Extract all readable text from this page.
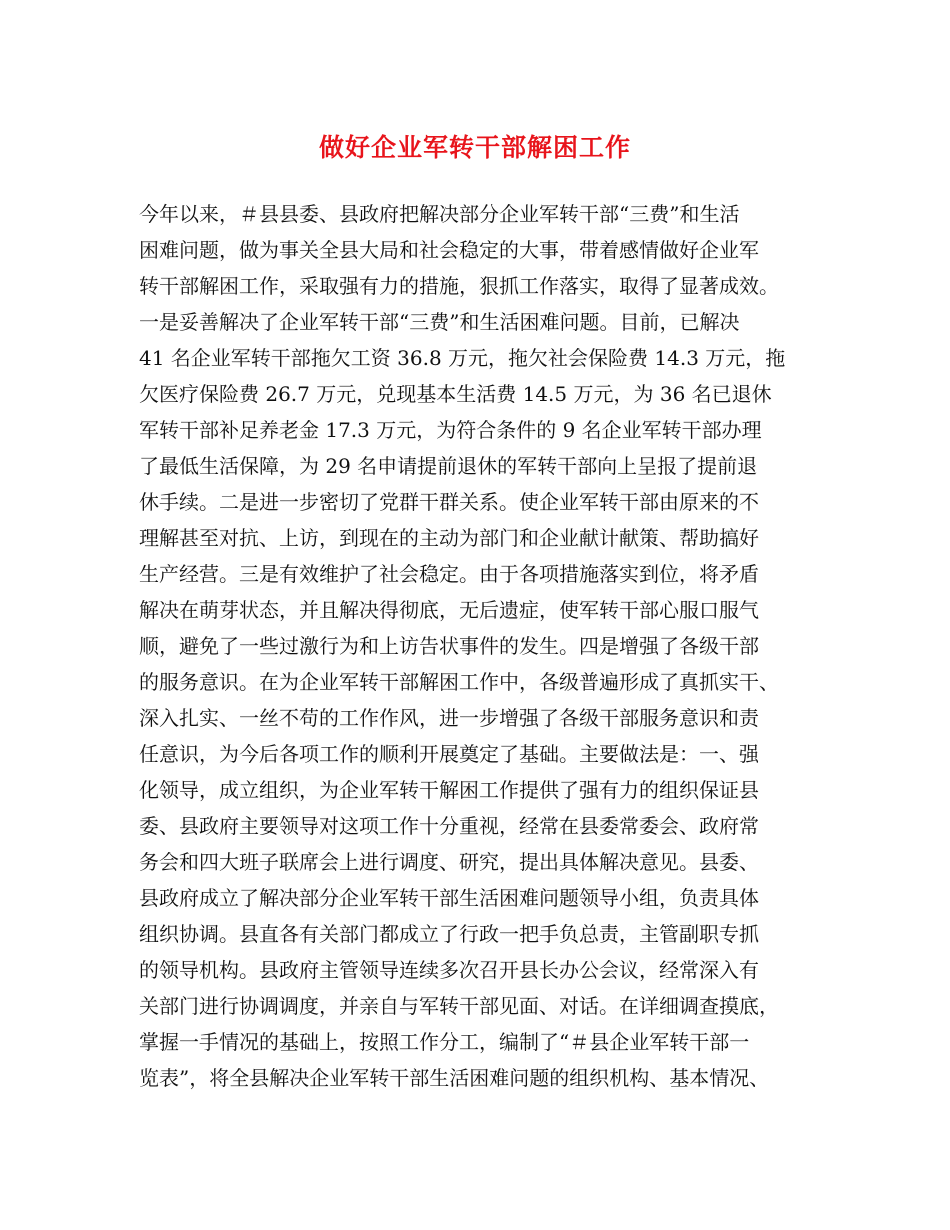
做好企业军转干部解困工作
今年以来，＃县县委、县政府把解决部分企业军转干部“三费”和生活
困难问题，做为事关全县大局和社会稳定的大事，带着感情做好企业军
转干部解困工作，采取强有力的措施，狠抓工作落实，取得了显著成效。
一是妥善解决了企业军转干部“三费”和生活困难问题。目前，已解决
41 名企业军转干部拖欠工资 36.8 万元，拖欠社会保险费 14.3 万元，拖
欠医疗保险费 26.7 万元，兑现基本生活费 14.5 万元，为 36 名已退休
军转干部补足养老金 17.3 万元，为符合条件的 9 名企业军转干部办理
了最低生活保障，为 29 名申请提前退休的军转干部向上呈报了提前退
休手续。二是进一步密切了党群干群关系。使企业军转干部由原来的不
理解甚至对抗、上访，到现在的主动为部门和企业献计献策、帮助搞好
生产经营。三是有效维护了社会稳定。由于各项措施落实到位，将矛盾
解决在萌芽状态，并且解决得彻底，无后遗症，使军转干部心服口服气
顺，避免了一些过激行为和上访告状事件的发生。四是增强了各级干部
的服务意识。在为企业军转干部解困工作中，各级普遍形成了真抓实干、
深入扎实、一丝不苟的工作作风，进一步增强了各级干部服务意识和责
任意识，为今后各项工作的顺利开展奠定了基础。主要做法是：一、强
化领导，成立组织，为企业军转干解困工作提供了强有力的组织保证县
委、县政府主要领导对这项工作十分重视，经常在县委常委会、政府常
务会和四大班子联席会上进行调度、研究，提出具体解决意见。县委、
县政府成立了解决部分企业军转干部生活困难问题领导小组，负责具体
组织协调。县直各有关部门都成立了行政一把手负总责，主管副职专抓
的领导机构。县政府主管领导连续多次召开县长办公会议，经常深入有
关部门进行协调调度，并亲自与军转干部见面、对话。在详细调查摸底，
掌握一手情况的基础上，按照工作分工，编制了“＃县企业军转干部一
览表”，将全县解决企业军转干部生活困难问题的组织机构、基本情况、
